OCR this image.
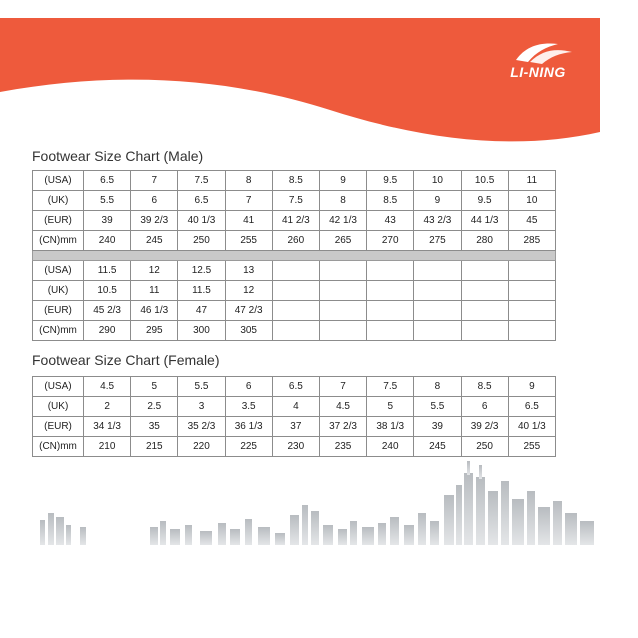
LI-NING
Footwear Size Chart (Male)
(USA)	6.5	7	7.5	8	8.5	9	9.5	10	10.5	11
(UK)	5.5	6	6.5	7	7.5	8	8.5	9	9.5	10
(EUR)	39	39 2/3	40 1/3	41	41 2/3	42 1/3	43	43 2/3	44 1/3	45
(CN)mm	240	245	250	255	260	265	270	275	280	285

(USA)	11.5	12	12.5	13						
(UK)	10.5	11	11.5	12						
(EUR)	45 2/3	46 1/3	47	47 2/3						
(CN)mm	290	295	300	305						
Footwear Size Chart (Female)
(USA)	4.5	5	5.5	6	6.5	7	7.5	8	8.5	9
(UK)	2	2.5	3	3.5	4	4.5	5	5.5	6	6.5
(EUR)	34 1/3	35	35 2/3	36 1/3	37	37 2/3	38 1/3	39	39 2/3	40 1/3
(CN)mm	210	215	220	225	230	235	240	245	250	255
